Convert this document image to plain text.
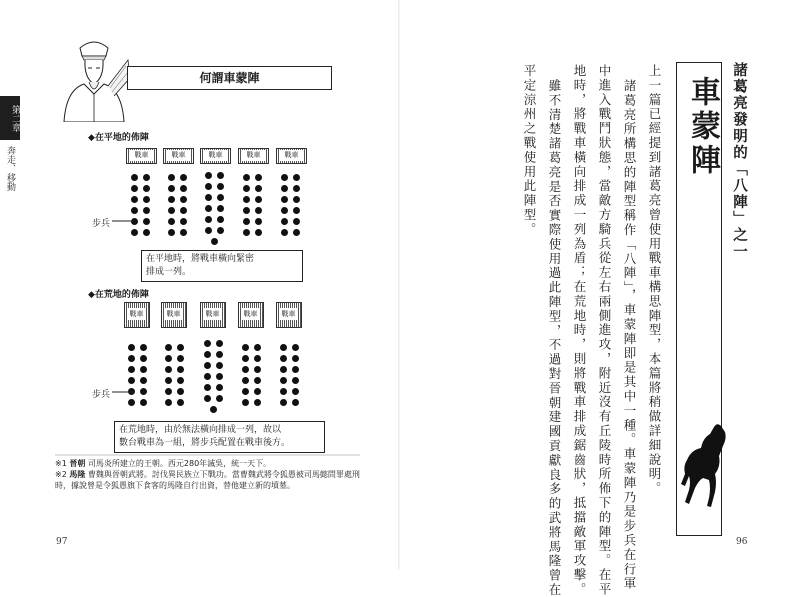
第二章
奔走、移動
何謂車蒙陣
◆在平地的佈陣
戰車	戰車	戰車	戰車	戰車
步兵
在平地時，將戰車橫向緊密
排成一列。
◆在荒地的佈陣
戰車	戰車	戰車	戰車	戰車
步兵
在荒地時，由於無法橫向排成一列，故以
數台戰車為一組，將步兵配置在戰車後方。
※1 晉朝 司馬炎所建立的王朝。西元280年滅吳，統一天下。
※2 馬隆 曹魏與晉朝武將。討伐異民族立下戰功。當曹魏武將令狐愚被司馬懿問罪處刑時，據說曾是令狐愚旗下食客的馬隆自行出資，替他建立新的墳墓。
97
諸葛亮發明的「八陣」之一
車蒙陣
上一篇已經提到諸葛亮曾使用戰車構思陣型，本篇將稍做詳細說明。
諸葛亮所構思的陣型稱作「八陣」，車蒙陣即是其中一種。車蒙陣乃是步兵在行軍
中進入戰鬥狀態，當敵方騎兵從左右兩側進攻，附近沒有丘陵時所佈下的陣型。在平
地時，將戰車橫向排成一列為盾；在荒地時，則將戰車排成鋸齒狀，抵擋敵軍攻擊。
雖不清楚諸葛亮是否實際使用過此陣型，不過對晉朝建國貢獻良多的武將馬隆曾在
平定涼州之戰使用此陣型。
96
